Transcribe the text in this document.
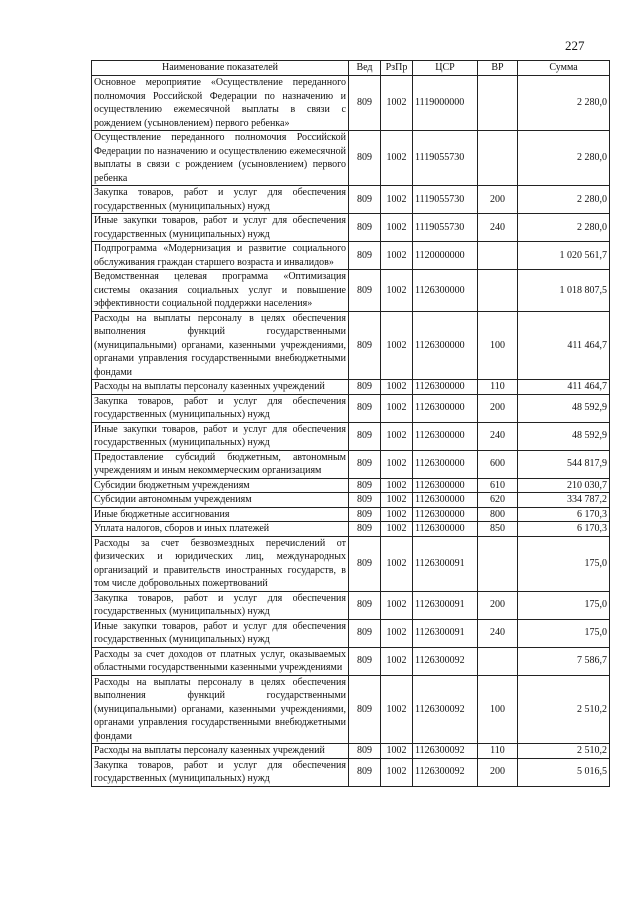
227
Наименование показателей	Вед	РзПр	ЦСР	ВР	Сумма
Основное мероприятие «Осуществление переданного полномочия Российской Федерации по назначению и осуществлению ежемесячной выплаты в связи с рождением (усыновлением) первого ребенка»	809	1002	1119000000		2 280,0
Осуществление переданного полномочия Российской Федерации по назначению и осуществлению ежемесячной выплаты в связи с рождением (усыновлением) первого ребенка	809	1002	1119055730		2 280,0
Закупка товаров, работ и услуг для обеспечения государственных (муниципальных) нужд	809	1002	1119055730	200	2 280,0
Иные закупки товаров, работ и услуг для обеспечения государственных (муниципальных) нужд	809	1002	1119055730	240	2 280,0
Подпрограмма «Модернизация и развитие социального обслуживания граждан старшего возраста и инвалидов»	809	1002	1120000000		1 020 561,7
Ведомственная целевая программа «Оптимизация системы оказания социальных услуг и повышение эффективности социальной поддержки населения»	809	1002	1126300000		1 018 807,5
Расходы на выплаты персоналу в целях обеспечения выполнения функций государственными (муниципальными) органами, казенными учреждениями, органами управления государственными внебюджетными фондами	809	1002	1126300000	100	411 464,7
Расходы на выплаты персоналу казенных учреждений	809	1002	1126300000	110	411 464,7
Закупка товаров, работ и услуг для обеспечения государственных (муниципальных) нужд	809	1002	1126300000	200	48 592,9
Иные закупки товаров, работ и услуг для обеспечения государственных (муниципальных) нужд	809	1002	1126300000	240	48 592,9
Предоставление субсидий бюджетным, автономным учреждениям и иным некоммерческим организациям	809	1002	1126300000	600	544 817,9
Субсидии бюджетным учреждениям	809	1002	1126300000	610	210 030,7
Субсидии автономным учреждениям	809	1002	1126300000	620	334 787,2
Иные бюджетные ассигнования	809	1002	1126300000	800	6 170,3
Уплата налогов, сборов и иных платежей	809	1002	1126300000	850	6 170,3
Расходы за счет безвозмездных перечислений от физических и юридических лиц, международных организаций и правительств иностранных государств, в том числе добровольных пожертвований	809	1002	1126300091		175,0
Закупка товаров, работ и услуг для обеспечения государственных (муниципальных) нужд	809	1002	1126300091	200	175,0
Иные закупки товаров, работ и услуг для обеспечения государственных (муниципальных) нужд	809	1002	1126300091	240	175,0
Расходы за счет доходов от платных услуг, оказываемых областными государственными казенными учреждениями	809	1002	1126300092		7 586,7
Расходы на выплаты персоналу в целях обеспечения выполнения функций государственными (муниципальными) органами, казенными учреждениями, органами управления государственными внебюджетными фондами	809	1002	1126300092	100	2 510,2
Расходы на выплаты персоналу казенных учреждений	809	1002	1126300092	110	2 510,2
Закупка товаров, работ и услуг для обеспечения государственных (муниципальных) нужд	809	1002	1126300092	200	5 016,5
